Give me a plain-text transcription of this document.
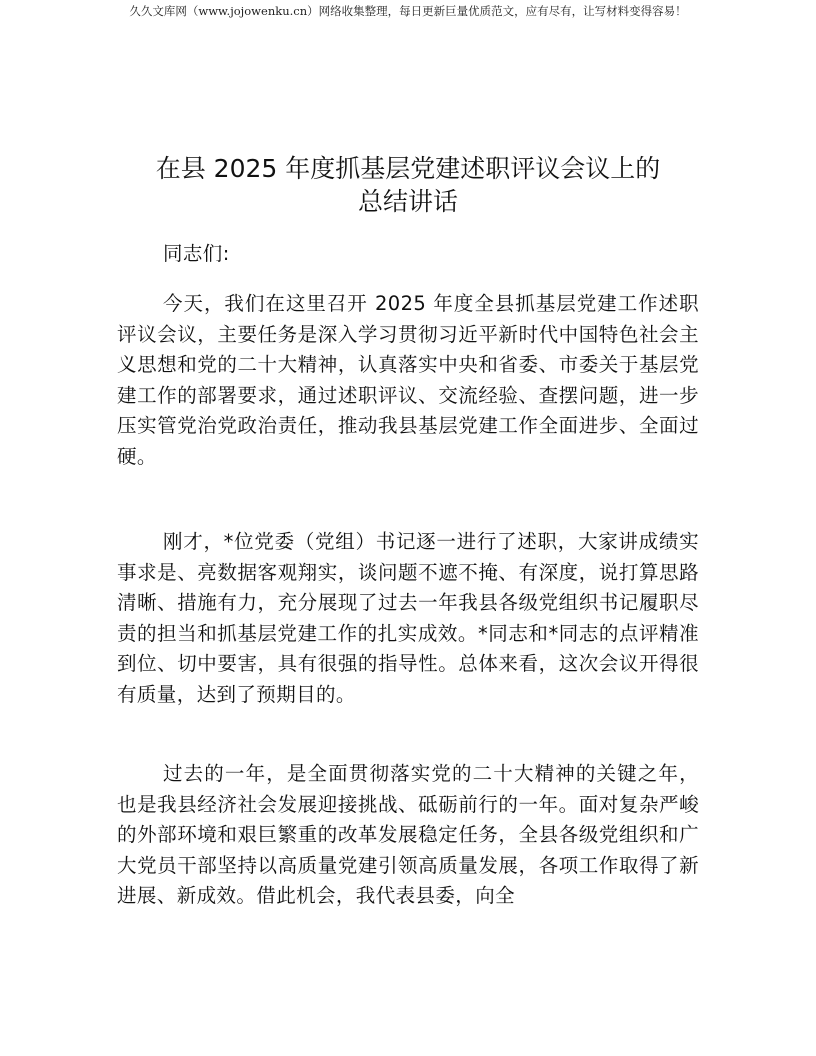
久久文库网（www.jojowenku.cn）网络收集整理，每日更新巨量优质范文，应有尽有，让写材料变得容易！
在县 2025 年度抓基层党建述职评议会议上的
总结讲话

同志们:

今天，我们在这里召开 2025 年度全县抓基层党建工作述职评议会议，主要任务是深入学习贯彻习近平新时代中国特色社会主义思想和党的二十大精神，认真落实中央和省委、市委关于基层党建工作的部署要求，通过述职评议、交流经验、查摆问题，进一步压实管党治党政治责任，推动我县基层党建工作全面进步、全面过硬。

刚才，*位党委（党组）书记逐一进行了述职，大家讲成绩实事求是、亮数据客观翔实，谈问题不遮不掩、有深度，说打算思路清晰、措施有力，充分展现了过去一年我县各级党组织书记履职尽责的担当和抓基层党建工作的扎实成效。*同志和*同志的点评精准到位、切中要害，具有很强的指导性。总体来看，这次会议开得很有质量，达到了预期目的。

过去的一年，是全面贯彻落实党的二十大精神的关键之年，也是我县经济社会发展迎接挑战、砥砺前行的一年。面对复杂严峻的外部环境和艰巨繁重的改革发展稳定任务，全县各级党组织和广大党员干部坚持以高质量党建引领高质量发展，各项工作取得了新进展、新成效。借此机会，我代表县委，向全
